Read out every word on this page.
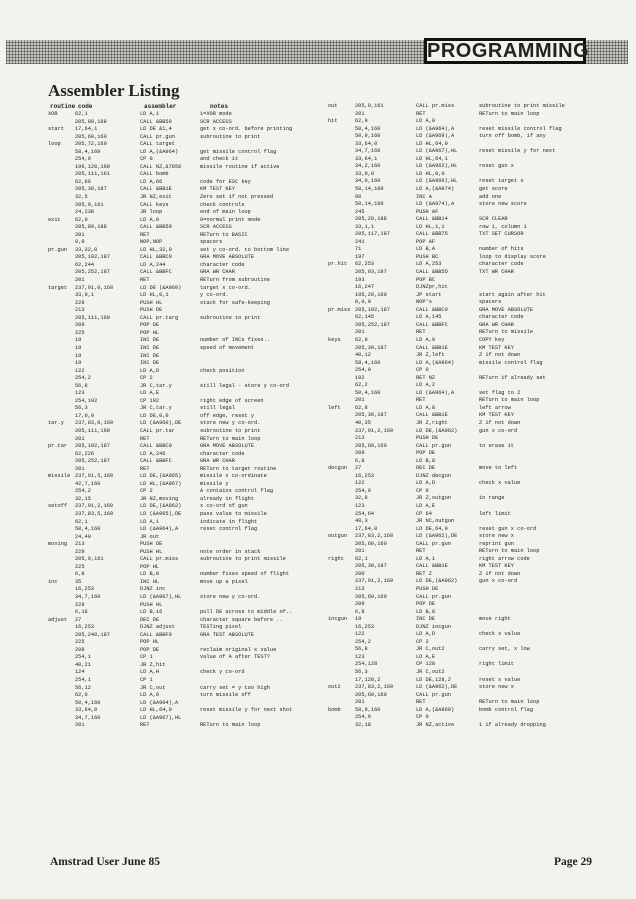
PROGRAMMING
Assembler Listing
routine code	assembler	notes
XOR	62,1	LD A,1	1=XOR mode
205,89,188	CALL &BB59	SCR ACCESS
start 17,64,1	LD DE &1,4	get x co-ord. before printing
205,60,160	CALL pr.gun	subroutine to print
loop	205,72,160	CALL target
58,4,160	LD A,(&A964)	get missile control flag
254,0	CP 0	and check it
196,120,160	CALL NZ,&7850	missile routine if active
205,111,161	CALL bomb
62,66	LD A,66	code for ESC key
205,30,187	CALL &BB1E	KM TEST KEY
32,5	JR NZ,exit	Zero set if not pressed
205,9,161	CALL keys	check controls
24,238	JR loop	end of main loop
exit	62,0	LD A,0	0=normal print mode
205,89,188	CALL &BB59	SCR ACCESS
201	RET	RETurn to BASIC
0,0	NOP,NOP	spacers
pr.gun 33,32,0	LD HL,32,0	set y co-ord. to bottom line
205,192,187	CALL &BBC0	GRA MOVE ABSOLUTE
62,244	LD A,244	character code
205,252,187	CALL &BBFC	GRA WR CHAR
201	RET	RETurn from subroutine
target 237,91,0,160	LD DE (&A960)	target x co-ord.
33,0,1	LD HL,0,1	y co-ord.
229	PUSH HL	stack for safe-keeping
213	PUSH DE
205,111,160	CALL pr.targ	subroutine to print
209	POP DE
225	POP HL
19	INC DE	number of INCs fixes..
19	INC DE	speed of movement
19	INC DE
19	INC DE
122	LD A,D	check position
254,2	CP 2
56,8	JR C,tar.y	still legal - store y co-ord
123	LD A,E
254,192	CP 192	right edge of screen
56,3	JR C,tar.y	still legal
17,0,0	LD DE,0,0	off edge, reset y
tar.y 237,83,0,160	LD (&A960),DE	store new y co-ord.
205,111,160	CALL pr.tar	subroutine to print
201	RET	RETurn to main loop
pr.tar 205,192,187	CALL &BBC0	GRA MOVE ABSOLUTE
62,226	LD A,246	character code
205,252,187	CALL &BBFC	GRA WR CHAR
201	RET	RETurn to target routine
missile 237,91,5,160	LD DE,(&A965)	missile x co-ordinate
42,7,160	LD HL,(&A967)	missile y
254,2	CP 2	A contains control flag
32,15	JR NZ,moving	already in flight
setoff 237,91,2,160	LD DE,(&A962)	x co-ord of gun
237,83,5,160	LD (&A965),DE	pass value to missile
62,1	LD A,1	indicate in flight
50,4,160	LD (&A964),A	reset control flag
24,40	JR out
moving 213	PUSH DE
229	PUSH HL	note order in stack
205,0,161	CALL pr.miss	subroutine to print missile
225	POP HL
6,8	LD B,8	number fixes speed of flight
inc	35	INC HL	move up a pixel
16,253	DJNZ inc
34,7,160	LD (&A967),HL	store new y co-ord.
229	PUSH HL
6,16	LD B,16	pull DE across to middle of..
adjust 27	DEC DE	character square before ..
16,253	DJNZ adjust	TESTing pixel
205,240,187	CALL &BBF0	GRA TEST ABSOLUTE
225	POP HL
209	POP DE	reclaim original x value
254,1	CP 1	value of A after TEST?
40,21	JR Z,hit
124	LD A,H	check y co-ord
254,1	CP 1
56,12	JR C,out	carry set = y too high
62,0	LD A,0	turn missile off
50,4,160	LD (&A964),A
33,64,0	LD HL,64,0	reset missile y for next shot
34,7,160	LD (&A967),HL
201	RET	RETurn to main loop
out	205,0,161	CALL pr.miss	subroutine to print missile
201	RET	RETurn to main loop
hit	62,0	LD A,0
50,4,160	LD (&A964),A	reset missile control flag
50,9,160	LD (&A969),A	turn off bomb, if any
33,64,0	LD HL,64,0
34,7,160	LD (&A967),HL	reset missile y for next
33,64,1	LD HL,64,1
34,2,160	LD (&A962),HL	reset gun x
33,0,0	LD HL,0,0
34,0,160	LD (&A960),HL	reset target x
58,14,160	LD A,(&A974)	get score
60	INC A	add one
50,14,160	LD (&A974),A	store new score
245	PUSH AF
205,20,188	CALL &BB14	SCR CLEAR
33,1,1	LD HL,1,1	row 1, column 1
205,117,187	CALL &BB75	TXT SET CURSOR
241	POP AF
71	LD B,A	number of hits
197	PUSH BC	loop to display score
pr.hit 62,253	LD A,253	character code
205,93,187	CALL &BB5D	TXT WR CHAR
193	POP BC
16,247	DJNZpr,hit
195,20,160	JP start	start again after hit
0,0,0	NOP's	spacers
pr.miss 205,192,187	CALL &BBC0	GRA MOVE ABSOLUTE
62,145	LD A,145	character code
205,252,187	CALL &BBFC	GRA WR CHAR
201	RET	RETurn to missile
keys	62,9	LD A,9	COPY key
205,30,187	CALL &BB1E	KM TEST KEY
40,12	JR Z,left	Z if not down
58,4,160	LD A,(&A964)	missile control flag
254,0	CP 0
192	RET NZ	RETurn if already set
62,2	LD A,2
50,4,160	LD (&A964),A	set flag to 2
201	RET	RETurn to main loop
left	62,8	LD A,8	left arrow
205,30,187	CALL &BB1E	KM TEST KEY
40,35	JR Z,right	Z if not down
237,91,2,160	LD DE,(&A962)	gun x co-ord
213	PUSH DE
205,60,160	CALL pr.gun	to erase it
209	POP DE
6,8	LD B,8
decgun 27	DEC DE	move to left
16,253	DJNZ decgun
122	LD A,D	check x value
254,0	CP 0
32,8	JR Z,outgun	in range
123	LD A,E
254,64	CP 64	left limit
48,3	JR NC,outgun
17,64,0	LD DE,64,0	reset gun x co-ord
outgun 237,83,2,160	LD (&A962),DE	store new x
205,60,160	CALL pr.gun	reprint gun
201	RET	RETurn to main loop
right 62,1	LD A,1	right arrow code
205,30,187	CALL &BB1E	KM TEST KEY
200	RET Z	Z if not down
237,91,2,160	LD DE,(&A962)	gun x co-ord
213	PUSH DE
205,60,160	CALL pr.gun
209	POP DE
6,8	LD B,8
incgun 19	INC DE	move right
16,253	DJNZ incgun
122	LD A,D	check x value
254,2	CP 2
56,8	JR C,out2	carry set, x low
123	LD A,E
254,128	CP 128	right limit
56,3	JR C,out2
17,128,2	LD DE,128,2	reset x value
out2	237,83,2,160	LD (&A962),DE	store new x
205,60,160	CALL pr.gun
201	RET	RETurn to main loop
bomb	58,9,160	LD A,(&A969)	bomb control flag
254,0	CP 0
32,18	JR NZ,active	1 if already dropping
Amstrad User June 85	Page 29
